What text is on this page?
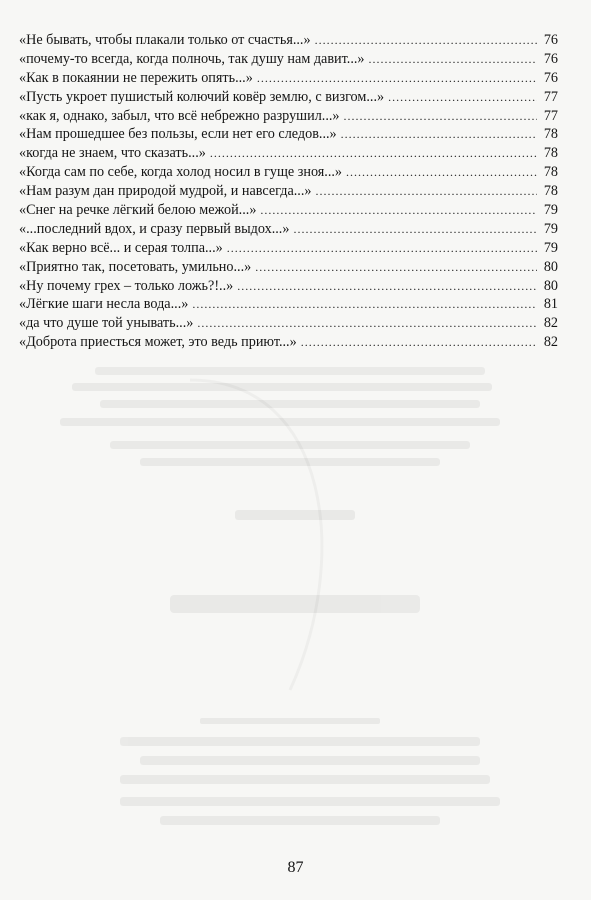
«Не бывать, чтобы плакали только от счастья...» .....	76
«почему-то всегда, когда полночь, так душу нам давит...» .....	76
«Как в покаянии не пережить опять...» .....	76
«Пусть укроет пушистый колючий ковёр землю, с визгом...» .....	77
«как я, однако, забыл, что всё небрежно разрушил...» .....	77
«Нам прошедшее без пользы, если нет его следов...» .....	78
«когда не знаем, что сказать...» .....	78
«Когда сам по себе, когда холод носил в гуще зноя...» .....	78
«Нам разум дан природой мудрой, и навсегда...» .....	78
«Снег на речке лёгкий белою межой...» .....	79
«...последний вдох, и сразу первый выдох...» .....	79
«Как верно всё... и серая толпа...» .....	79
«Приятно так, посетовать, умильно...» .....	80
«Ну почему грех – только ложь?!..» .....	80
«Лёгкие шаги несла вода...» .....	81
«да что душе той унывать...» .....	82
«Доброта приесться может, это ведь приют...» .....	82
87
